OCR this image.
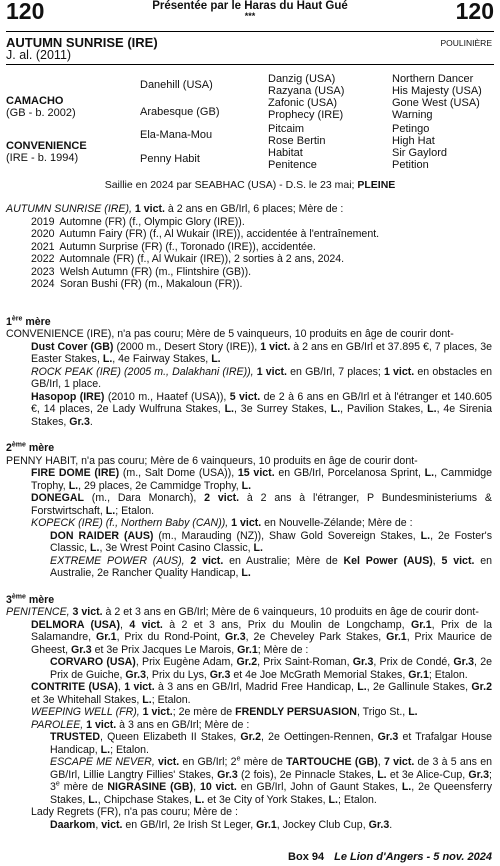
120	Présentée par le Haras du Haut Gué
***	120
AUTUMN SUNRISE (IRE)
J. al. (2011)
POULINIÈRE
CAMACHO
(GB - b. 2002)
CONVENIENCE
(IRE - b. 1994)
Danehill (USA)
Arabesque (GB)
Ela-Mana-Mou
Penny Habit
Danzig (USA)
Razyana (USA)
Zafonic (USA)
Prophecy (IRE)
Pitcaim
Rose Bertin
Habitat
Penitence
Northern Dancer
His Majesty (USA)
Gone West (USA)
Warning
Petingo
High Hat
Sir Gaylord
Petition
Saillie en 2024 par SEABHAC (USA) - D.S. le 23 mai; PLEINE

AUTUMN SUNRISE (IRE), 1 vict. à 2 ans en GB/Irl, 6 places; Mère de :

2019 Automne (FR) (f., Olympic Glory (IRE)).

2020 Autumn Fairy (FR) (f., Al Wukair (IRE)), accidentée à l'entraînement.

2021 Autumn Surprise (FR) (f., Toronado (IRE)), accidentée.

2022 Automnale (FR) (f., Al Wukair (IRE)), 2 sorties à 2 ans, 2024.

2023 Welsh Autumn (FR) (m., Flintshire (GB)).

2024 Soran Bushi (FR) (m., Makaloun (FR)).

1ère mère

CONVENIENCE (IRE), n'a pas couru; Mère de 5 vainqueurs, 10 produits en âge de courir dont-

Dust Cover (GB) (2000 m., Desert Story (IRE)), 1 vict. à 2 ans en GB/Irl et 37.895 €, 7 places, 3e Easter Stakes, L., 4e Fairway Stakes, L.

ROCK PEAK (IRE) (2005 m., Dalakhani (IRE)), 1 vict. en GB/Irl, 7 places; 1 vict. en obstacles en GB/Irl, 1 place.

Hasopop (IRE) (2010 m., Haatef (USA)), 5 vict. de 2 à 6 ans en GB/Irl et à l'étranger et 140.605 €, 14 places, 2e Lady Wulfruna Stakes, L., 3e Surrey Stakes, L., Pavilion Stakes, L., 4e Sirenia Stakes, Gr.3.

2ème mère

PENNY HABIT, n'a pas couru; Mère de 6 vainqueurs, 10 produits en âge de courir dont-

FIRE DOME (IRE) (m., Salt Dome (USA)), 15 vict. en GB/Irl, Porcelanosa Sprint, L., Cammidge Trophy, L., 29 places, 2e Cammidge Trophy, L.

DONEGAL (m., Dara Monarch), 2 vict. à 2 ans à l'étranger, P Bundesministeriums & Forstwirtschaft, L.; Etalon.

KOPECK (IRE) (f., Northern Baby (CAN)), 1 vict. en Nouvelle-Zélande; Mère de :

DON RAIDER (AUS) (m., Marauding (NZ)), Shaw Gold Sovereign Stakes, L., 2e Foster's Classic, L., 3e Wrest Point Casino Classic, L.

EXTREME POWER (AUS), 2 vict. en Australie; Mère de Kel Power (AUS), 5 vict. en Australie, 2e Rancher Quality Handicap, L.

3ème mère

PENITENCE, 3 vict. à 2 et 3 ans en GB/Irl; Mère de 6 vainqueurs, 10 produits en âge de courir dont-

DELMORA (USA), 4 vict. à 2 et 3 ans, Prix du Moulin de Longchamp, Gr.1, Prix de la Salamandre, Gr.1, Prix du Rond-Point, Gr.3, 2e Cheveley Park Stakes, Gr.1, Prix Maurice de Gheest, Gr.3 et 3e Prix Jacques Le Marois, Gr.1; Mère de :

CORVARO (USA), Prix Eugène Adam, Gr.2, Prix Saint-Roman, Gr.3, Prix de Condé, Gr.3, 2e Prix de Guiche, Gr.3, Prix du Lys, Gr.3 et 4e Joe McGrath Memorial Stakes, Gr.1; Etalon.

CONTRITE (USA), 1 vict. à 3 ans en GB/Irl, Madrid Free Handicap, L., 2e Gallinule Stakes, Gr.2 et 3e Whitehall Stakes, L.; Etalon.

WEEPING WELL (FR), 1 vict.; 2e mère de FRENDLY PERSUASION, Trigo St., L.

PAROLEE, 1 vict. à 3 ans en GB/Irl; Mère de :

TRUSTED, Queen Elizabeth II Stakes, Gr.2, 2e Oettingen-Rennen, Gr.3 et Trafalgar House Handicap, L.; Etalon.

ESCAPE ME NEVER, vict. en GB/Irl; 2e mère de TARTOUCHE (GB), 7 vict. de 3 à 5 ans en GB/Irl, Lillie Langtry Fillies' Stakes, Gr.3 (2 fois), 2e Pinnacle Stakes, L. et 3e Alice-Cup, Gr.3; 3e mère de NIGRASINE (GB), 10 vict. en GB/Irl, John of Gaunt Stakes, L., 2e Queensferry Stakes, L., Chipchase Stakes, L. et 3e City of York Stakes, L.; Etalon.

Lady Regrets (FR), n'a pas couru; Mère de :

Daarkom, vict. en GB/Irl, 2e Irish St Leger, Gr.1, Jockey Club Cup, Gr.3.

Box 94 Le Lion d'Angers - 5 nov. 2024
